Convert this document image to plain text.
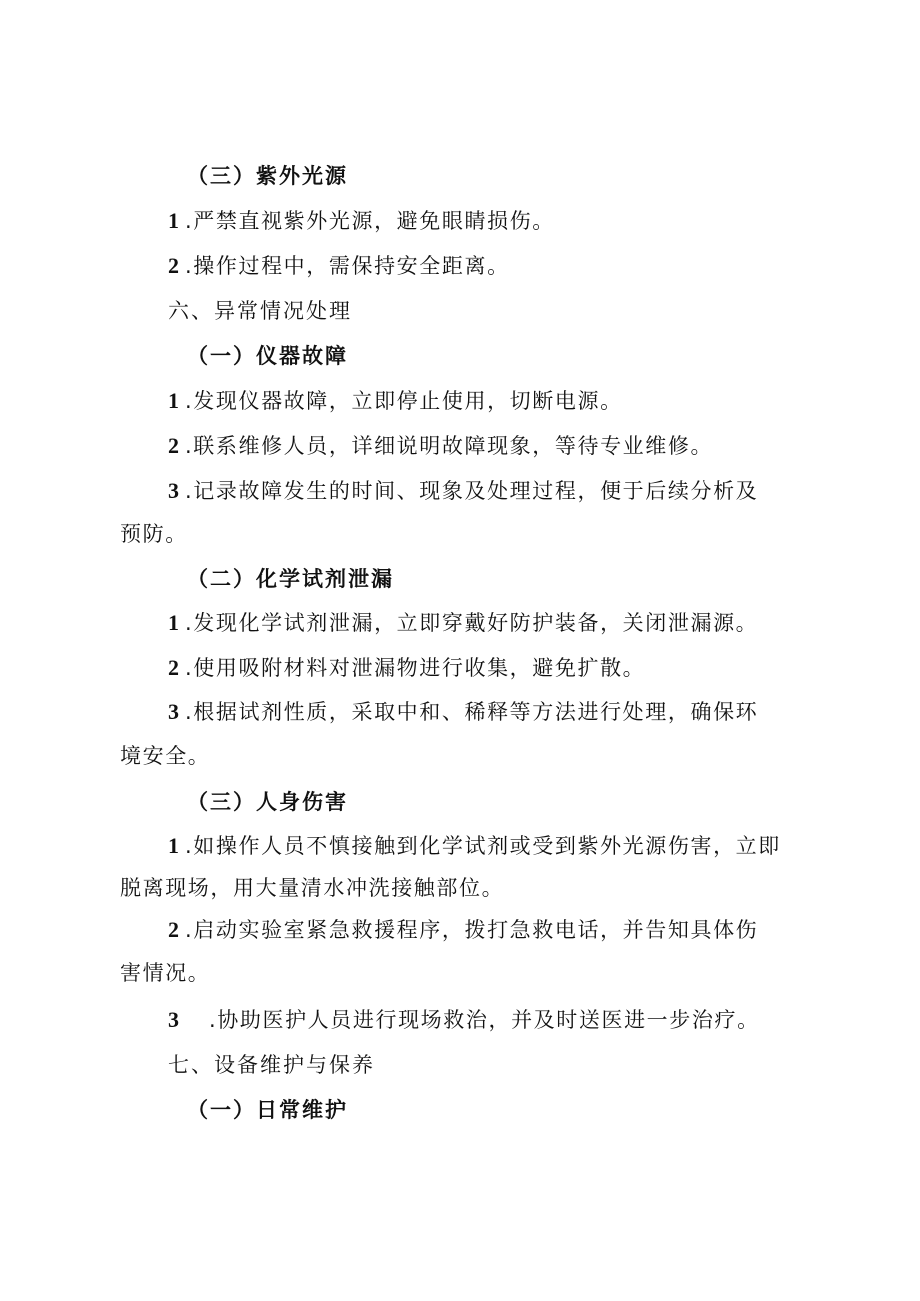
（三）紫外光源
1 .严禁直视紫外光源，避免眼睛损伤。
2 .操作过程中，需保持安全距离。
六、异常情况处理
（一）仪器故障
1 .发现仪器故障，立即停止使用，切断电源。
2 .联系维修人员，详细说明故障现象，等待专业维修。
3 .记录故障发生的时间、现象及处理过程，便于后续分析及
预防。
（二）化学试剂泄漏
1 .发现化学试剂泄漏，立即穿戴好防护装备，关闭泄漏源。
2 .使用吸附材料对泄漏物进行收集，避免扩散。
3 .根据试剂性质，采取中和、稀释等方法进行处理，确保环
境安全。
（三）人身伤害
1 .如操作人员不慎接触到化学试剂或受到紫外光源伤害，立即
脱离现场，用大量清水冲洗接触部位。
2 .启动实验室紧急救援程序，拨打急救电话，并告知具体伤
害情况。
3 .协助医护人员进行现场救治，并及时送医进一步治疗。
七、设备维护与保养
（一）日常维护
